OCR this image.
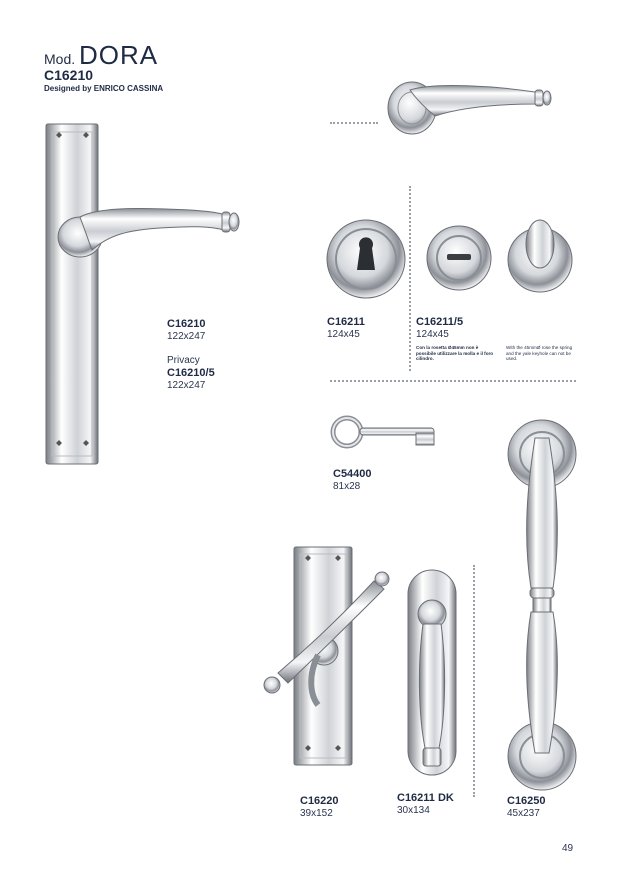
Mod. DORA
C16210
Designed by ENRICO CASSINA
C16210
122x247
Privacy
C16210/5
122x247
C16211
124x45
C16211/5
124x45
Con la rosetta Ø45mm non è possibile utilizzare la molla e il foro cilindro.
With the 45mmØ rose the spring and the yale keyhole can not be used.
C54400
81x28
C16220
39x152
C16211 DK
30x134
C16250
45x237
49
